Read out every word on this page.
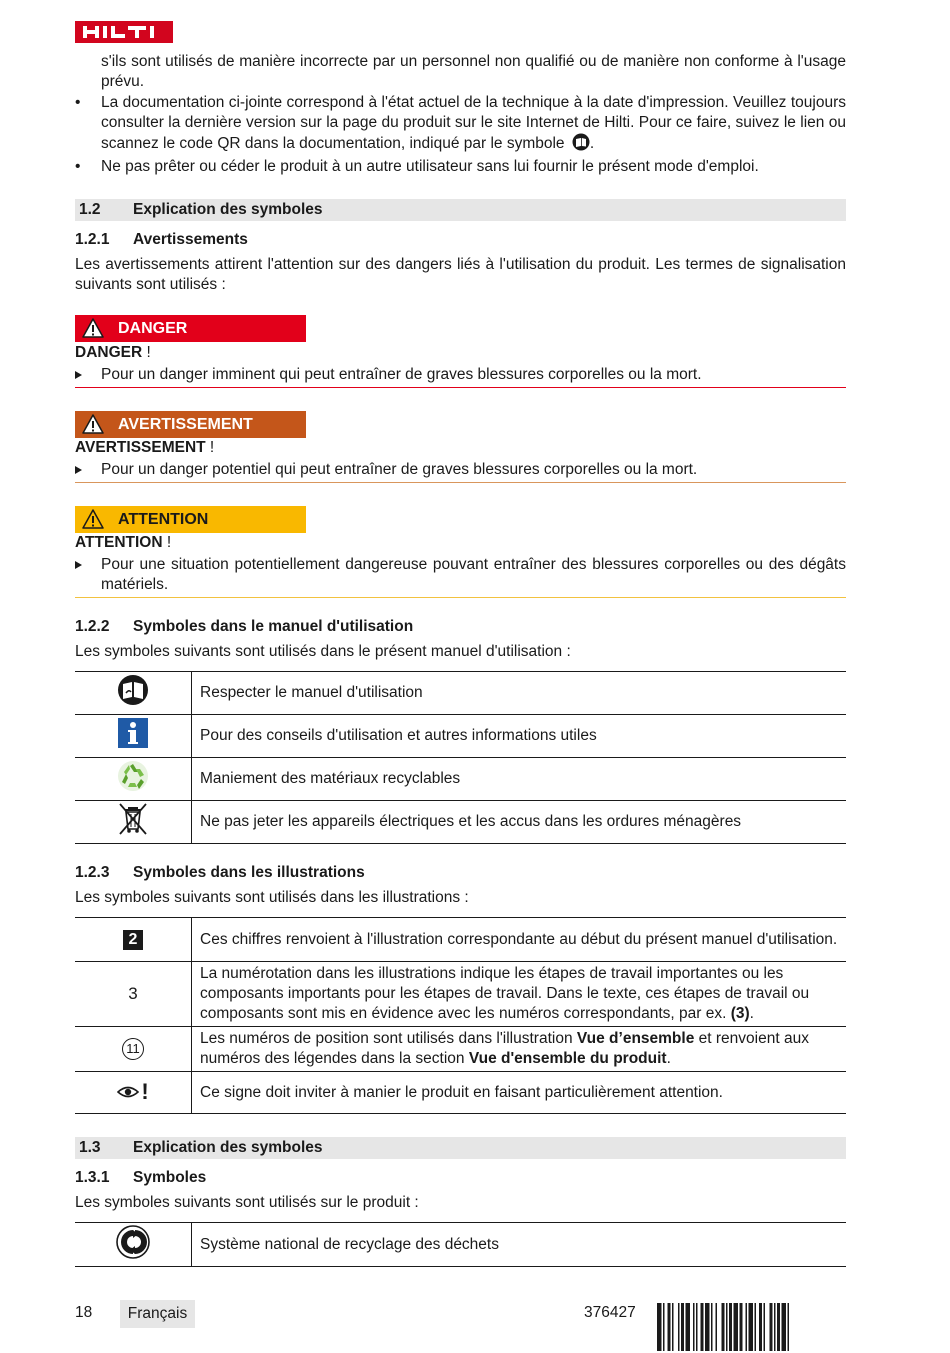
s'ils sont utilisés de manière incorrecte par un personnel non qualifié ou de manière non conforme à l'usage prévu.
• La documentation ci-jointe correspond à l'état actuel de la technique à la date d'impression. Veuillez toujours consulter la dernière version sur la page du produit sur le site Internet de Hilti. Pour ce faire, suivez le lien ou scannez le code QR dans la documentation, indiqué par le symbole .
• Ne pas prêter ou céder le produit à un autre utilisateur sans lui fournir le présent mode d'emploi.
1.2 Explication des symboles
1.2.1 Avertissements
Les avertissements attirent l'attention sur des dangers liés à l'utilisation du produit. Les termes de signalisation suivants sont utilisés :
DANGER
DANGER !
Pour un danger imminent qui peut entraîner de graves blessures corporelles ou la mort.
AVERTISSEMENT
AVERTISSEMENT !
Pour un danger potentiel qui peut entraîner de graves blessures corporelles ou la mort.
ATTENTION
ATTENTION !
Pour une situation potentiellement dangereuse pouvant entraîner des blessures corporelles ou des dégâts matériels.
1.2.2 Symboles dans le manuel d'utilisation
Les symboles suivants sont utilisés dans le présent manuel d'utilisation :
	Respecter le manuel d'utilisation
	Pour des conseils d'utilisation et autres informations utiles
	Maniement des matériaux recyclables
	Ne pas jeter les appareils électriques et les accus dans les ordures ménagères
1.2.3 Symboles dans les illustrations
Les symboles suivants sont utilisés dans les illustrations :
2	Ces chiffres renvoient à l'illustration correspondante au début du présent manuel d'utilisation.
3	La numérotation dans les illustrations indique les étapes de travail importantes ou les composants importants pour les étapes de travail. Dans le texte, ces étapes de travail ou composants sont mis en évidence avec les numéros correspondants, par ex. (3).
11	Les numéros de position sont utilisés dans l'illustration Vue d’ensemble et renvoient aux numéros des légendes dans la section Vue d'ensemble du produit.

!	Ce signe doit inviter à manier le produit en faisant particulièrement attention.
1.3 Explication des symboles
1.3.1 Symboles
Les symboles suivants sont utilisés sur le produit :
	Système national de recyclage des déchets
18	Français	376427
